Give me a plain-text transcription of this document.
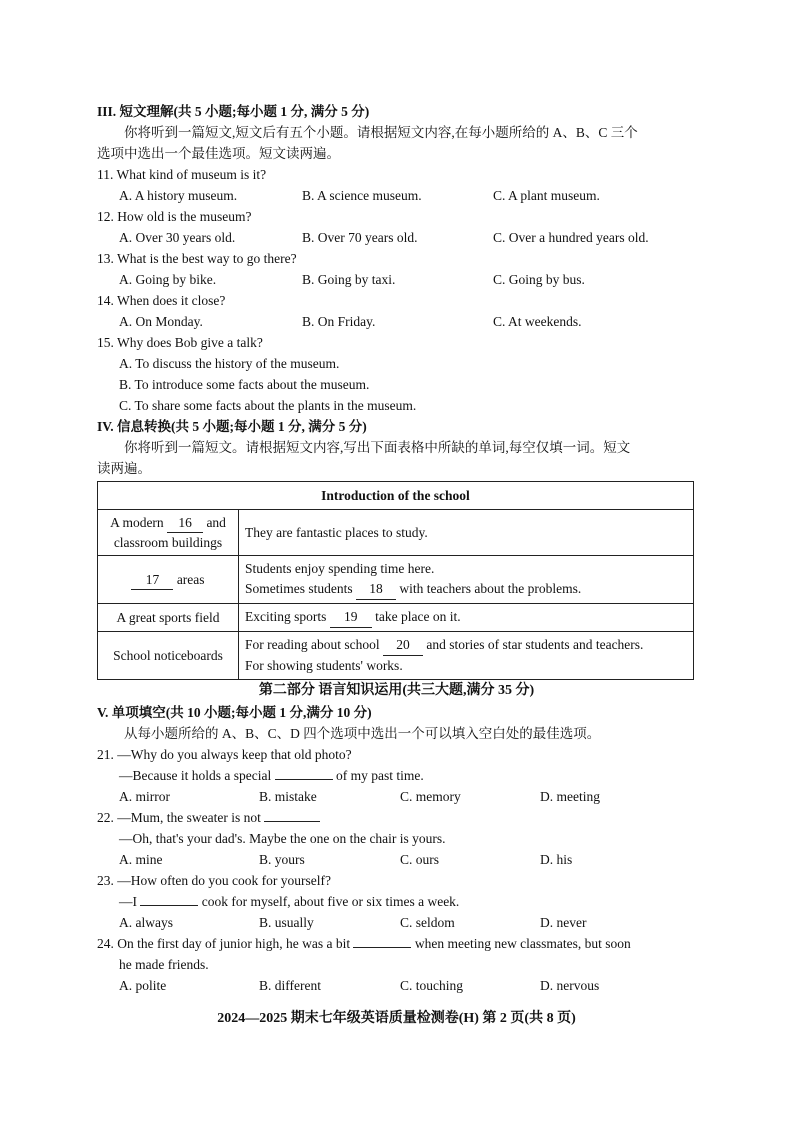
III. 短文理解(共 5 小题;每小题 1 分, 满分 5 分)
你将听到一篇短文,短文后有五个小题。请根据短文内容,在每小题所给的 A、B、C 三个
选项中选出一个最佳选项。短文读两遍。
11. What kind of museum is it?
A. A history museum.	B. A science museum.	C. A plant museum.
12. How old is the museum?
A. Over 30 years old.	B. Over 70 years old.	C. Over a hundred years old.
13. What is the best way to go there?
A. Going by bike.	B. Going by taxi.	C. Going by bus.
14. When does it close?
A. On Monday.	B. On Friday.	C. At weekends.
15. Why does Bob give a talk?
A. To discuss the history of the museum.
B. To introduce some facts about the museum.
C. To share some facts about the plants in the museum.
IV. 信息转换(共 5 小题;每小题 1 分, 满分 5 分)
你将听到一篇短文。请根据短文内容,写出下面表格中所缺的单词,每空仅填一词。短文
读两遍。
Introduction of the school	
A modern 16 and
classroom buildings	They are fantastic places to study.
17 areas	Students enjoy spending time here.
Sometimes students 18 with teachers about the problems.
A great sports field	Exciting sports 19 take place on it.
School noticeboards	For reading about school 20 and stories of star students and teachers.
For showing students' works.
第二部分 语言知识运用(共三大题,满分 35 分)
V. 单项填空(共 10 小题;每小题 1 分,满分 10 分)
从每小题所给的 A、B、C、D 四个选项中选出一个可以填入空白处的最佳选项。
21. —Why do you always keep that old photo?
—Because it holds a special	of my past time.
A. mirror	B. mistake	C. memory	D. meeting
22. —Mum, the sweater is not
—Oh, that's your dad's. Maybe the one on the chair is yours.
A. mine	B. yours	C. ours	D. his
23. —How often do you cook for yourself?
—I	cook for myself, about five or six times a week.
A. always	B. usually	C. seldom	D. never
24. On the first day of junior high, he was a bit	when meeting new classmates, but soon
he made friends.
A. polite	B. different	C. touching	D. nervous
2024—2025 期末七年级英语质量检测卷(H) 第 2 页(共 8 页)
